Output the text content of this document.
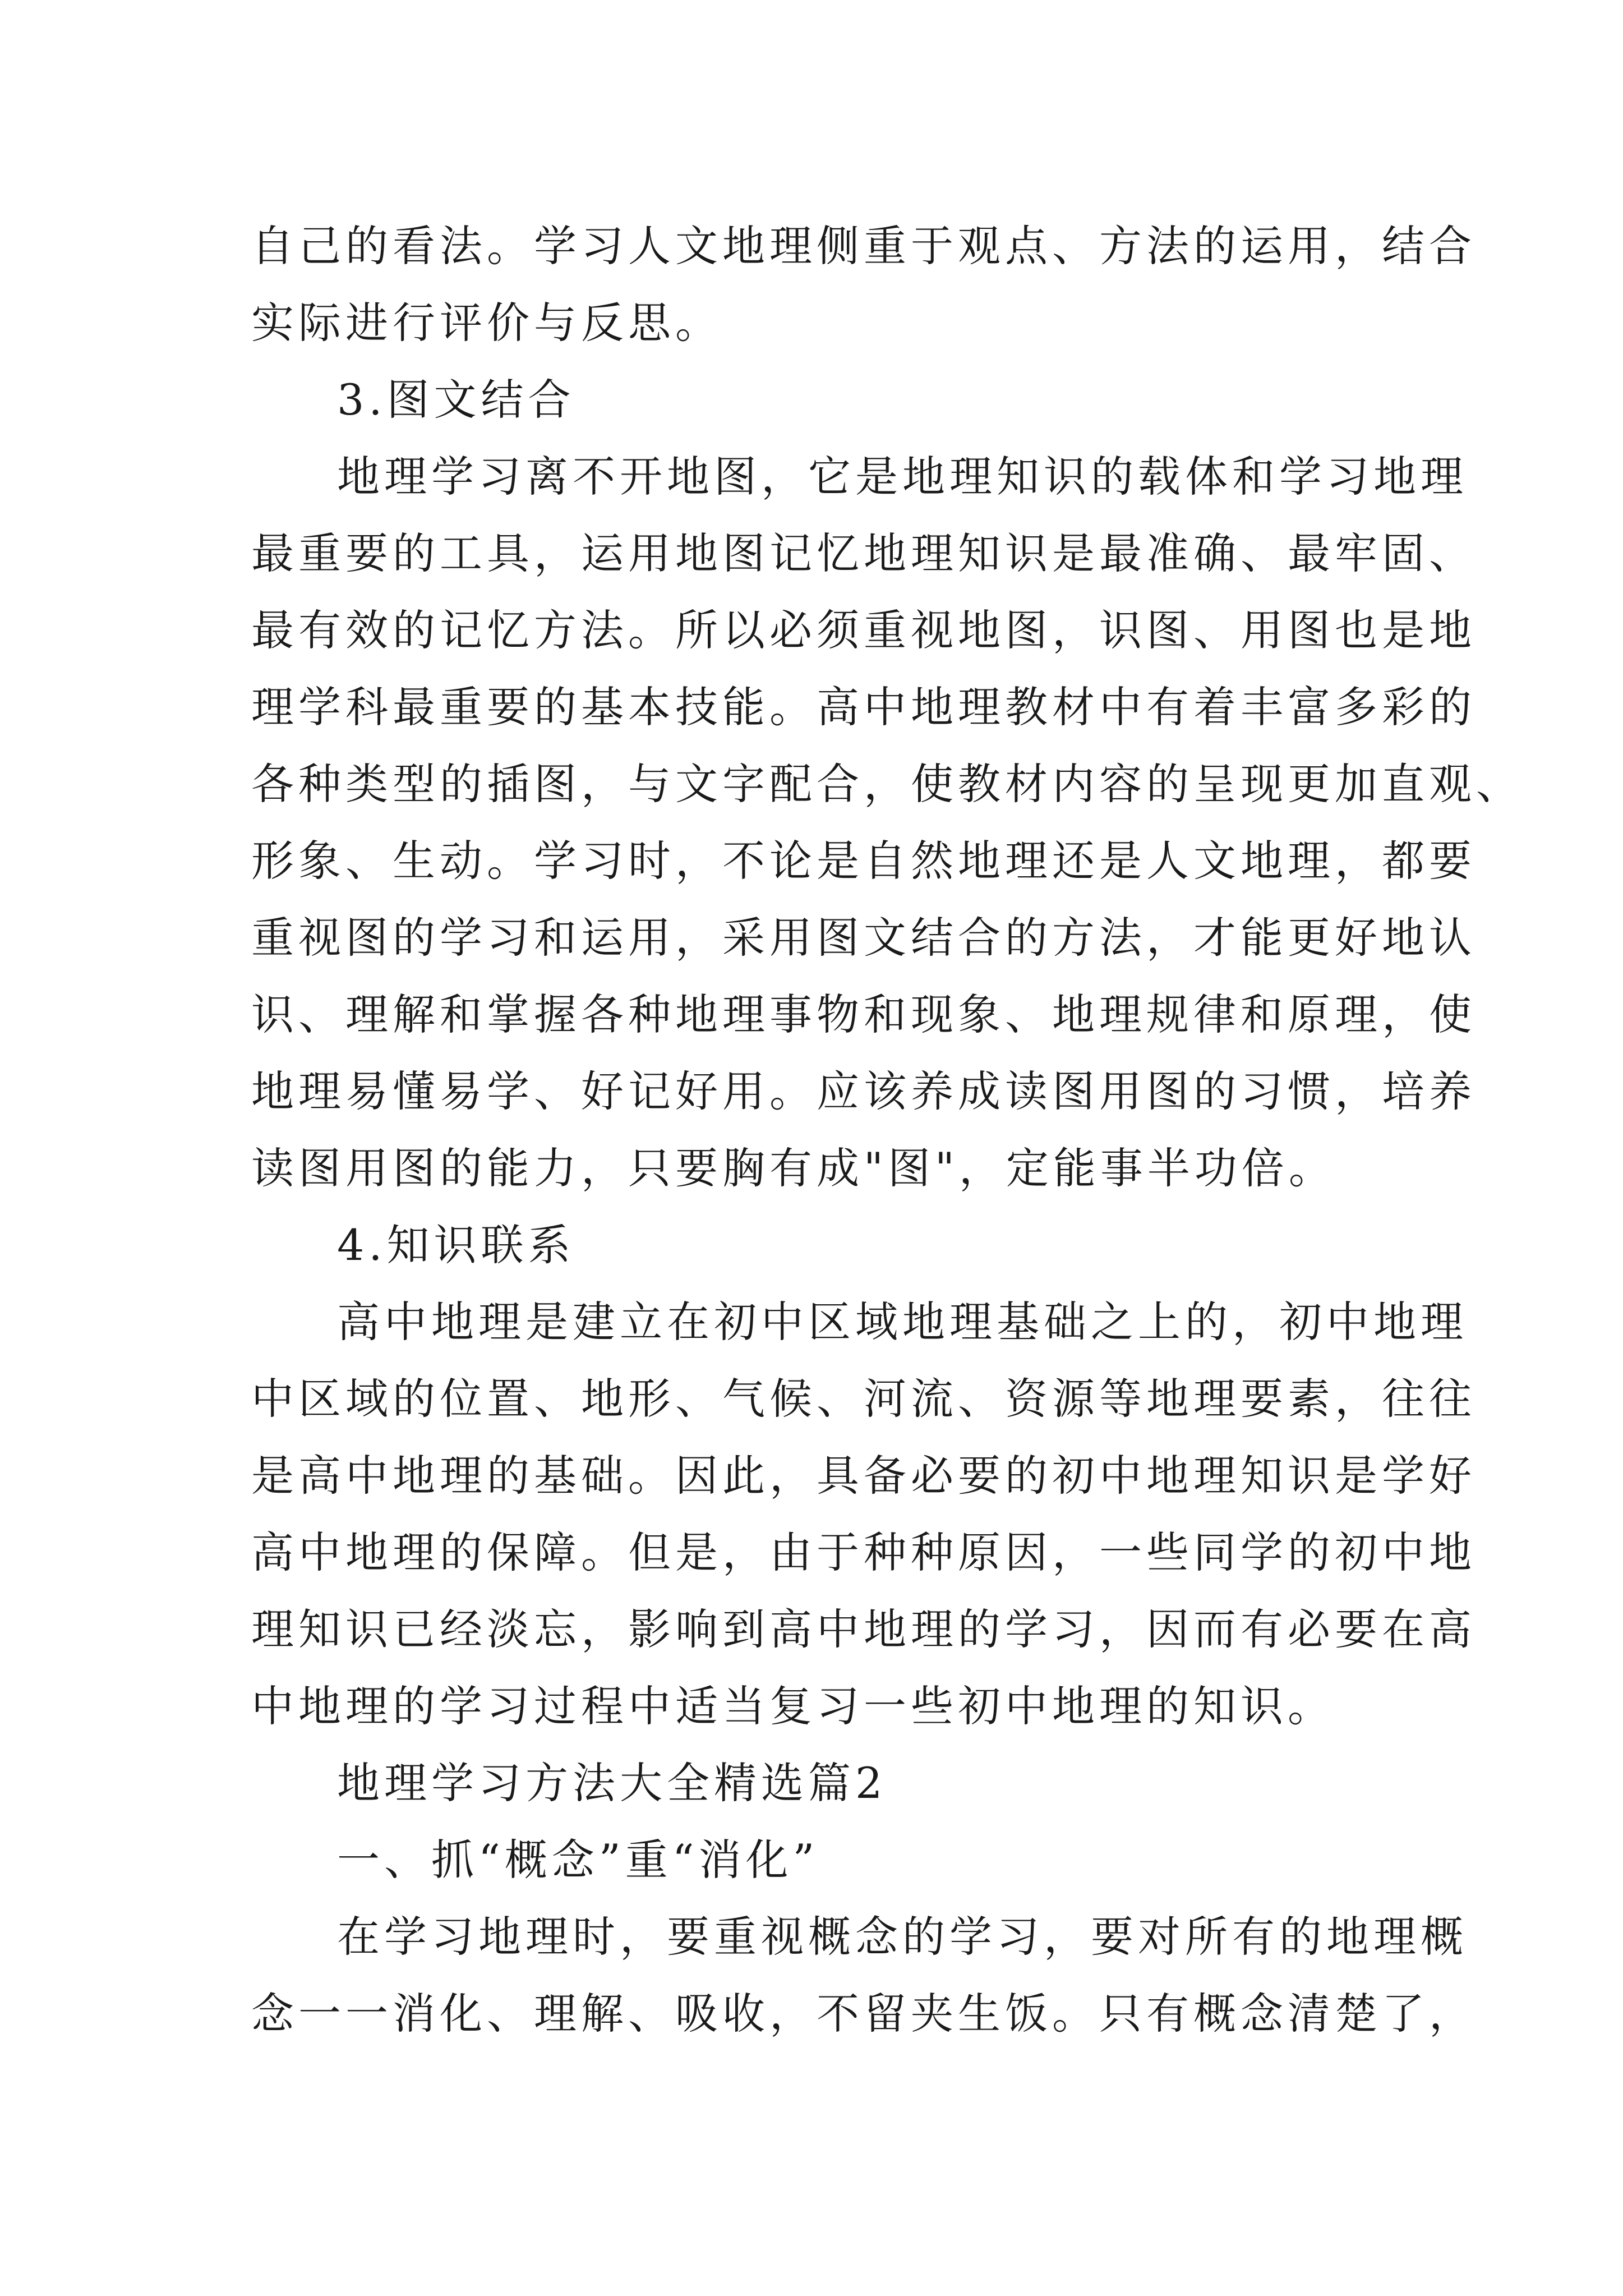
自己的看法。学习人文地理侧重于观点、方法的运用，结合
实际进行评价与反思。
3.图文结合
地理学习离不开地图，它是地理知识的载体和学习地理
最重要的工具，运用地图记忆地理知识是最准确、最牢固、
最有效的记忆方法。所以必须重视地图，识图、用图也是地
理学科最重要的基本技能。高中地理教材中有着丰富多彩的
各种类型的插图，与文字配合，使教材内容的呈现更加直观、
形象、生动。学习时，不论是自然地理还是人文地理，都要
重视图的学习和运用，采用图文结合的方法，才能更好地认
识、理解和掌握各种地理事物和现象、地理规律和原理，使
地理易懂易学、好记好用。应该养成读图用图的习惯，培养
读图用图的能力，只要胸有成"图"，定能事半功倍。
4.知识联系
高中地理是建立在初中区域地理基础之上的，初中地理
中区域的位置、地形、气候、河流、资源等地理要素，往往
是高中地理的基础。因此，具备必要的初中地理知识是学好
高中地理的保障。但是，由于种种原因，一些同学的初中地
理知识已经淡忘，影响到高中地理的学习，因而有必要在高
中地理的学习过程中适当复习一些初中地理的知识。
地理学习方法大全精选篇2
一、抓“概念”重“消化”
在学习地理时，要重视概念的学习，要对所有的地理概
念一一消化、理解、吸收，不留夹生饭。只有概念清楚了，
